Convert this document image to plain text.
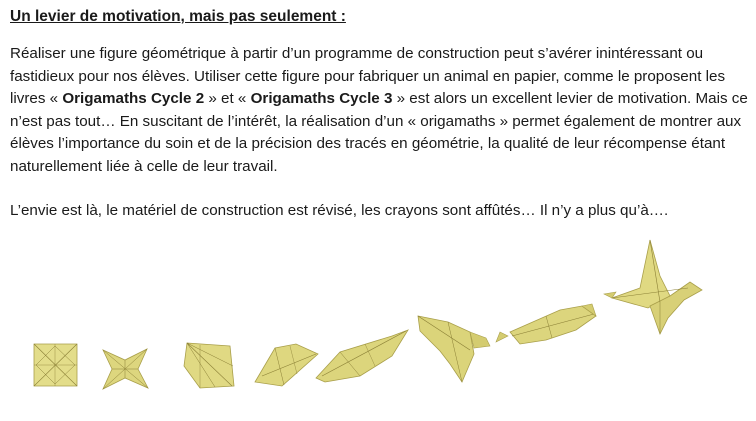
Un levier de motivation, mais pas seulement :

Réaliser une figure géométrique à partir d’un programme de construction peut s’avérer inintéressant ou fastidieux pour nos élèves. Utiliser cette figure pour fabriquer un animal en papier, comme le proposent les livres « Origamaths Cycle 2 » et « Origamaths Cycle 3 » est alors un excellent levier de motivation. Mais ce n’est pas tout… En suscitant de l’intérêt, la réalisation d’un « origamaths » permet également de montrer aux élèves l’importance du soin et de la précision des tracés en géométrie, la qualité de leur récompense étant naturellement liée à celle de leur travail.

L’envie est là, le matériel de construction est révisé, les crayons sont affûtés… Il n’y a plus qu’à….
